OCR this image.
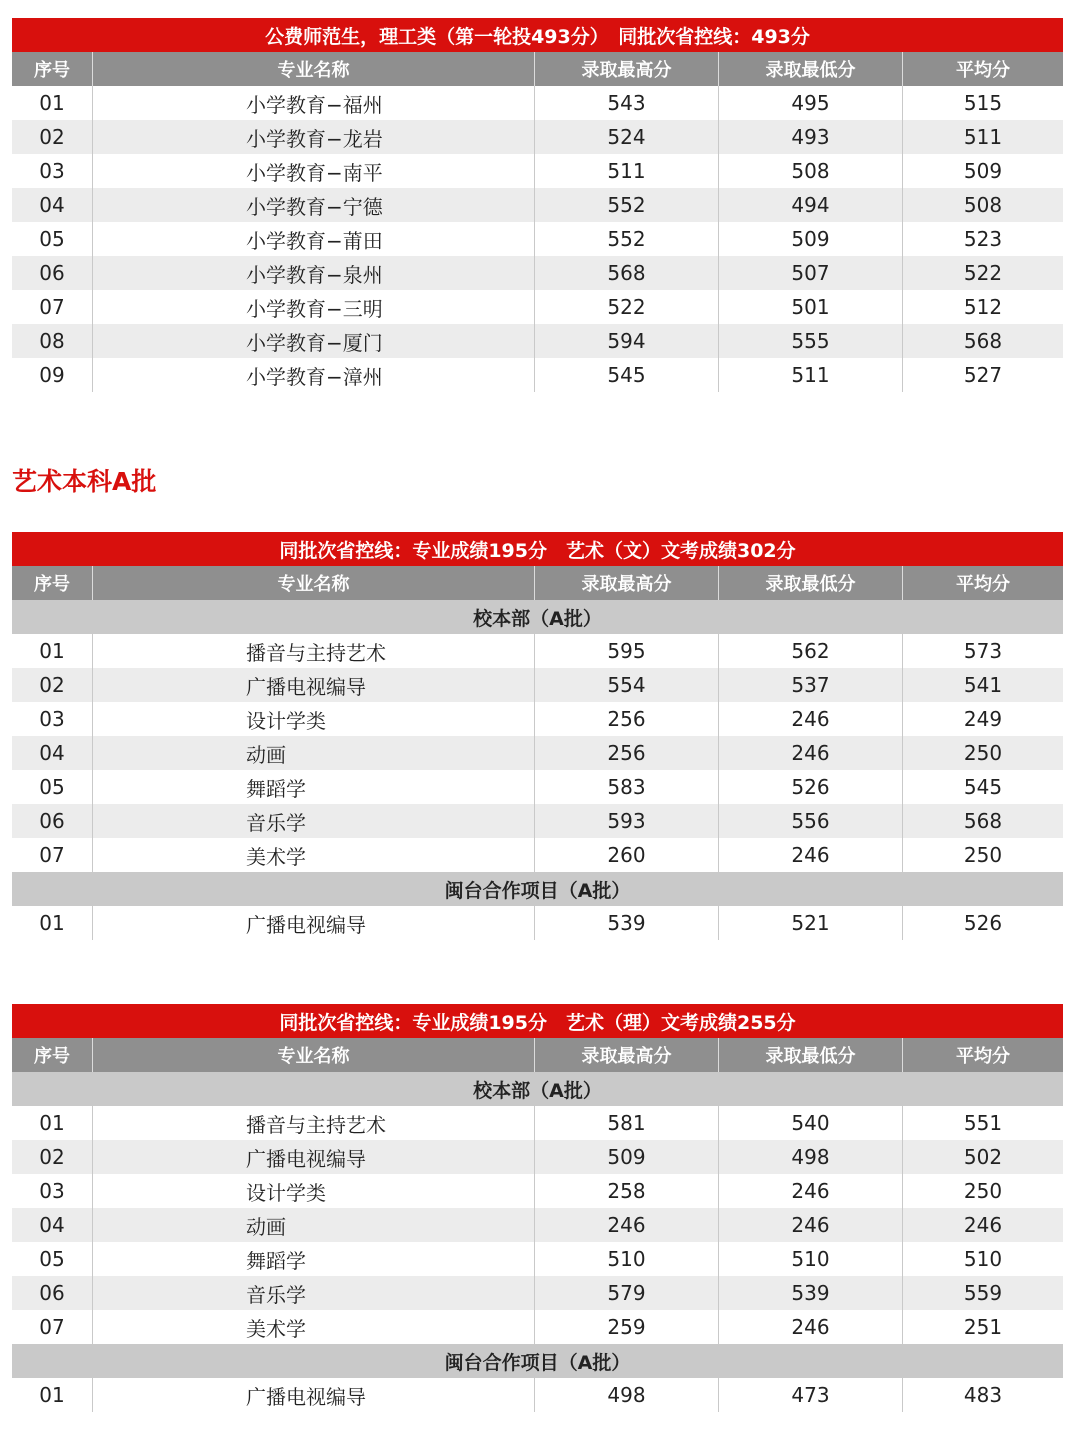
公费师范生，理工类（第一轮投493分）　同批次省控线：493分
序号	专业名称	录取最高分	录取最低分	平均分
01	小学教育−福州	543	495	515
02	小学教育−龙岩	524	493	511
03	小学教育−南平	511	508	509
04	小学教育−宁德	552	494	508
05	小学教育−莆田	552	509	523
06	小学教育−泉州	568	507	522
07	小学教育−三明	522	501	512
08	小学教育−厦门	594	555	568
09	小学教育−漳州	545	511	527
艺术本科A批
同批次省控线：专业成绩195分　艺术（文）文考成绩302分
序号	专业名称	录取最高分	录取最低分	平均分
校本部（A批）
01	播音与主持艺术	595	562	573
02	广播电视编导	554	537	541
03	设计学类	256	246	249
04	动画	256	246	250
05	舞蹈学	583	526	545
06	音乐学	593	556	568
07	美术学	260	246	250
闽台合作项目（A批）
01	广播电视编导	539	521	526
同批次省控线：专业成绩195分　艺术（理）文考成绩255分
序号	专业名称	录取最高分	录取最低分	平均分
校本部（A批）
01	播音与主持艺术	581	540	551
02	广播电视编导	509	498	502
03	设计学类	258	246	250
04	动画	246	246	246
05	舞蹈学	510	510	510
06	音乐学	579	539	559
07	美术学	259	246	251
闽台合作项目（A批）
01	广播电视编导	498	473	483
